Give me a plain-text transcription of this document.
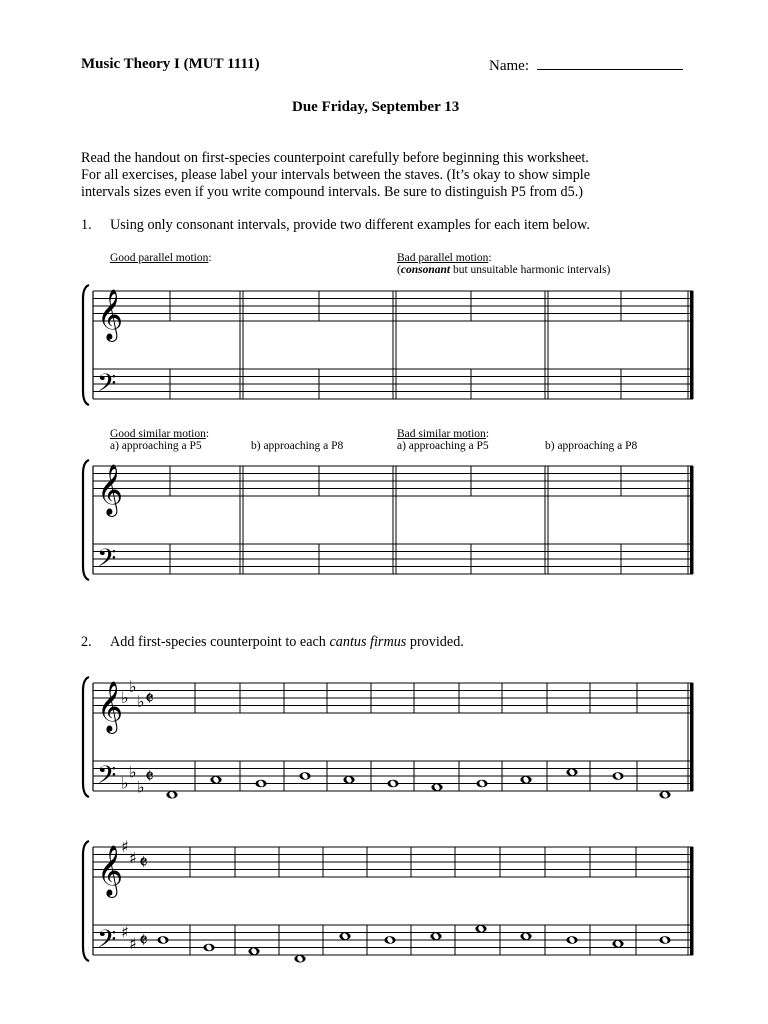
Music Theory I (MUT 1111)	Name:
Due Friday, September 13
Read the handout on first-species counterpoint carefully before beginning this worksheet.
For all exercises, please label your intervals between the staves. (It’s okay to show simple
intervals sizes even if you write compound intervals. Be sure to distinguish P5 from d5.)
1. Using only consonant intervals, provide two different examples for each item below.
Good parallel motion:	Bad parallel motion:
(consonant but unsuitable harmonic intervals)
Good similar motion:
a) approaching a P5	b) approaching a P8
Bad similar motion:
a) approaching a P5	b) approaching a P8
2. Add first-species counterpoint to each cantus firmus provided.
𝄞
𝄢
𝄞
𝄢
𝄞
𝄢
♭
♭
♭
♭
♭
♭
𝄵
𝄵
𝄞
𝄢
♯
♯
♯
♯
𝄵
𝄵
